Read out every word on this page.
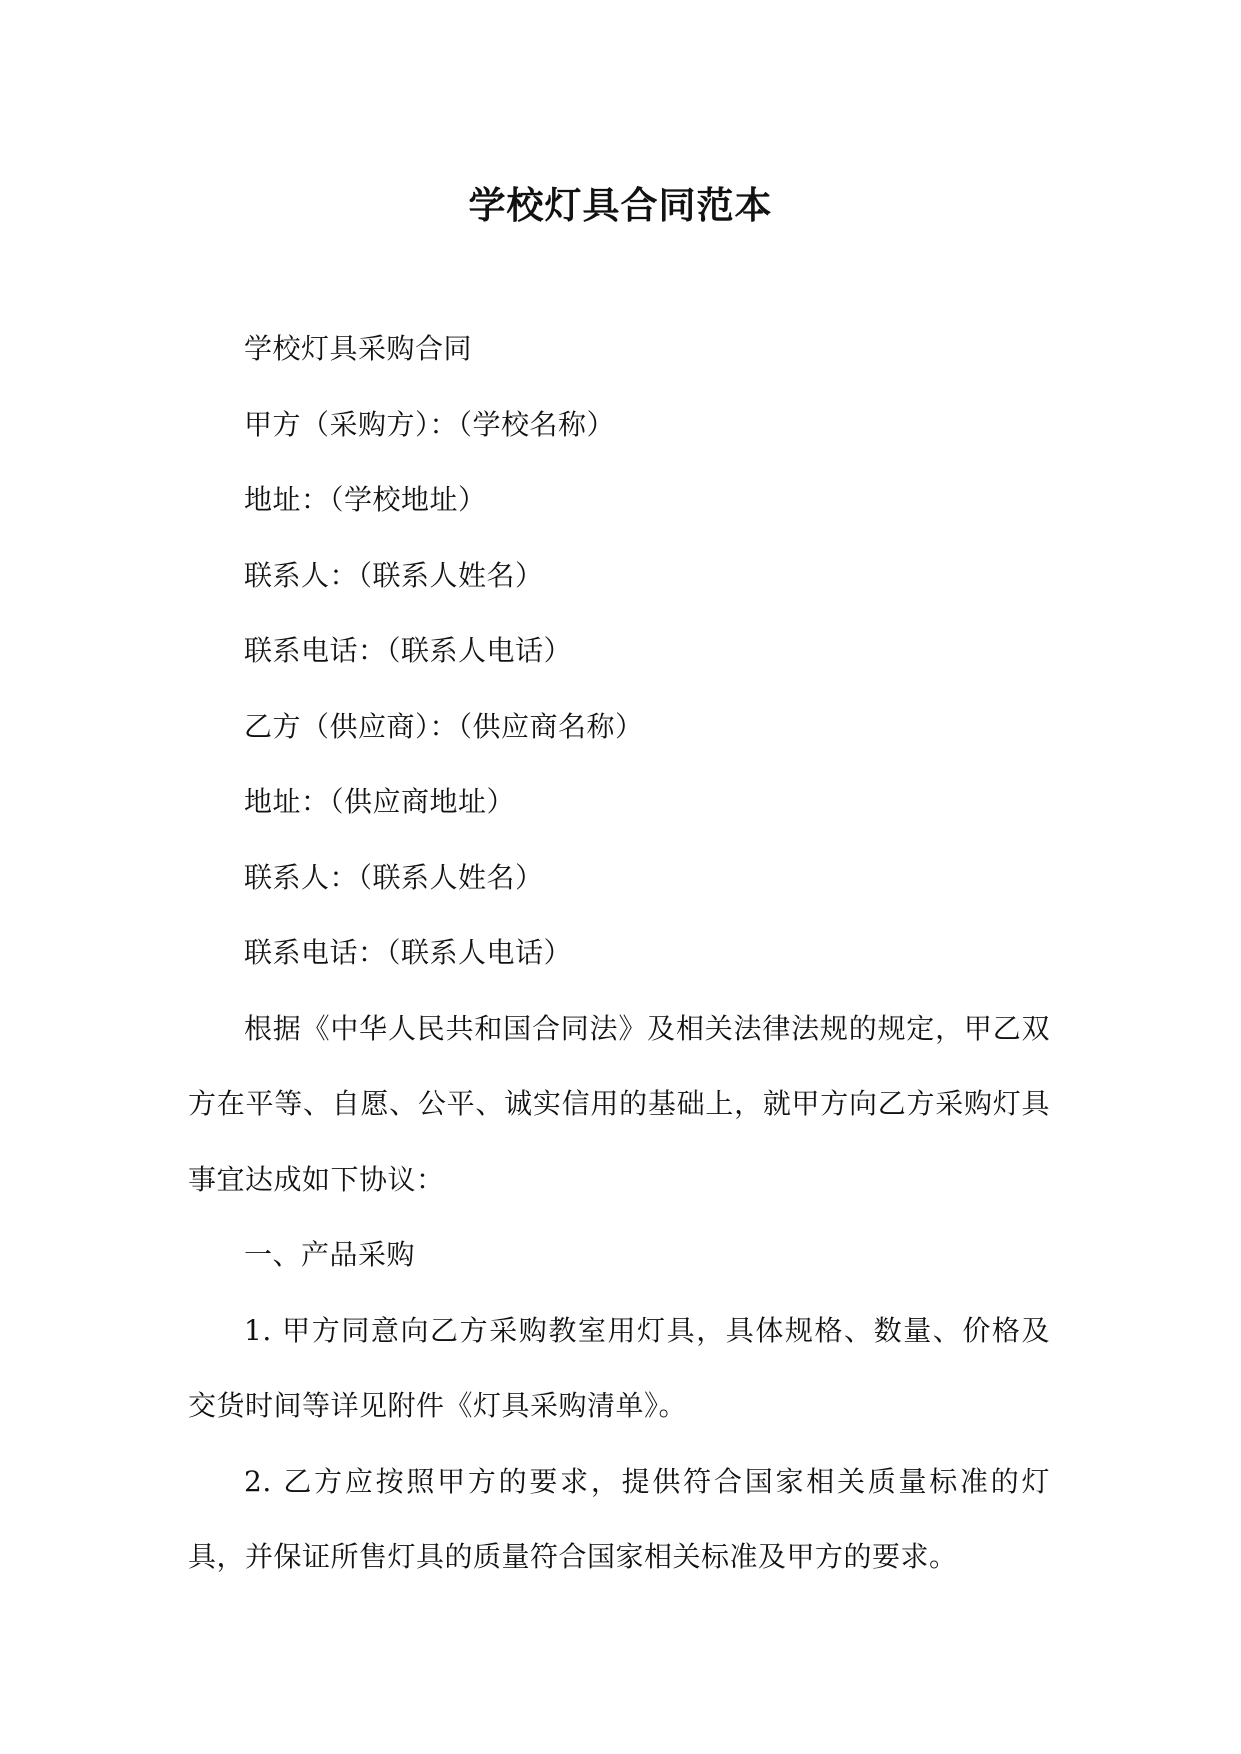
学校灯具合同范本

学校灯具采购合同

甲方（采购方）：（学校名称）

地址：（学校地址）

联系人：（联系人姓名）

联系电话：（联系人电话）

乙方（供应商）：（供应商名称）

地址：（供应商地址）

联系人：（联系人姓名）

联系电话：（联系人电话）

根据《中华人民共和国合同法》及相关法律法规的规定，甲乙双方在平等、自愿、公平、诚实信用的基础上，就甲方向乙方采购灯具事宜达成如下协议：

一、产品采购

1. 甲方同意向乙方采购教室用灯具，具体规格、数量、价格及交货时间等详见附件《灯具采购清单》。

2. 乙方应按照甲方的要求，提供符合国家相关质量标准的灯具，并保证所售灯具的质量符合国家相关标准及甲方的要求。
